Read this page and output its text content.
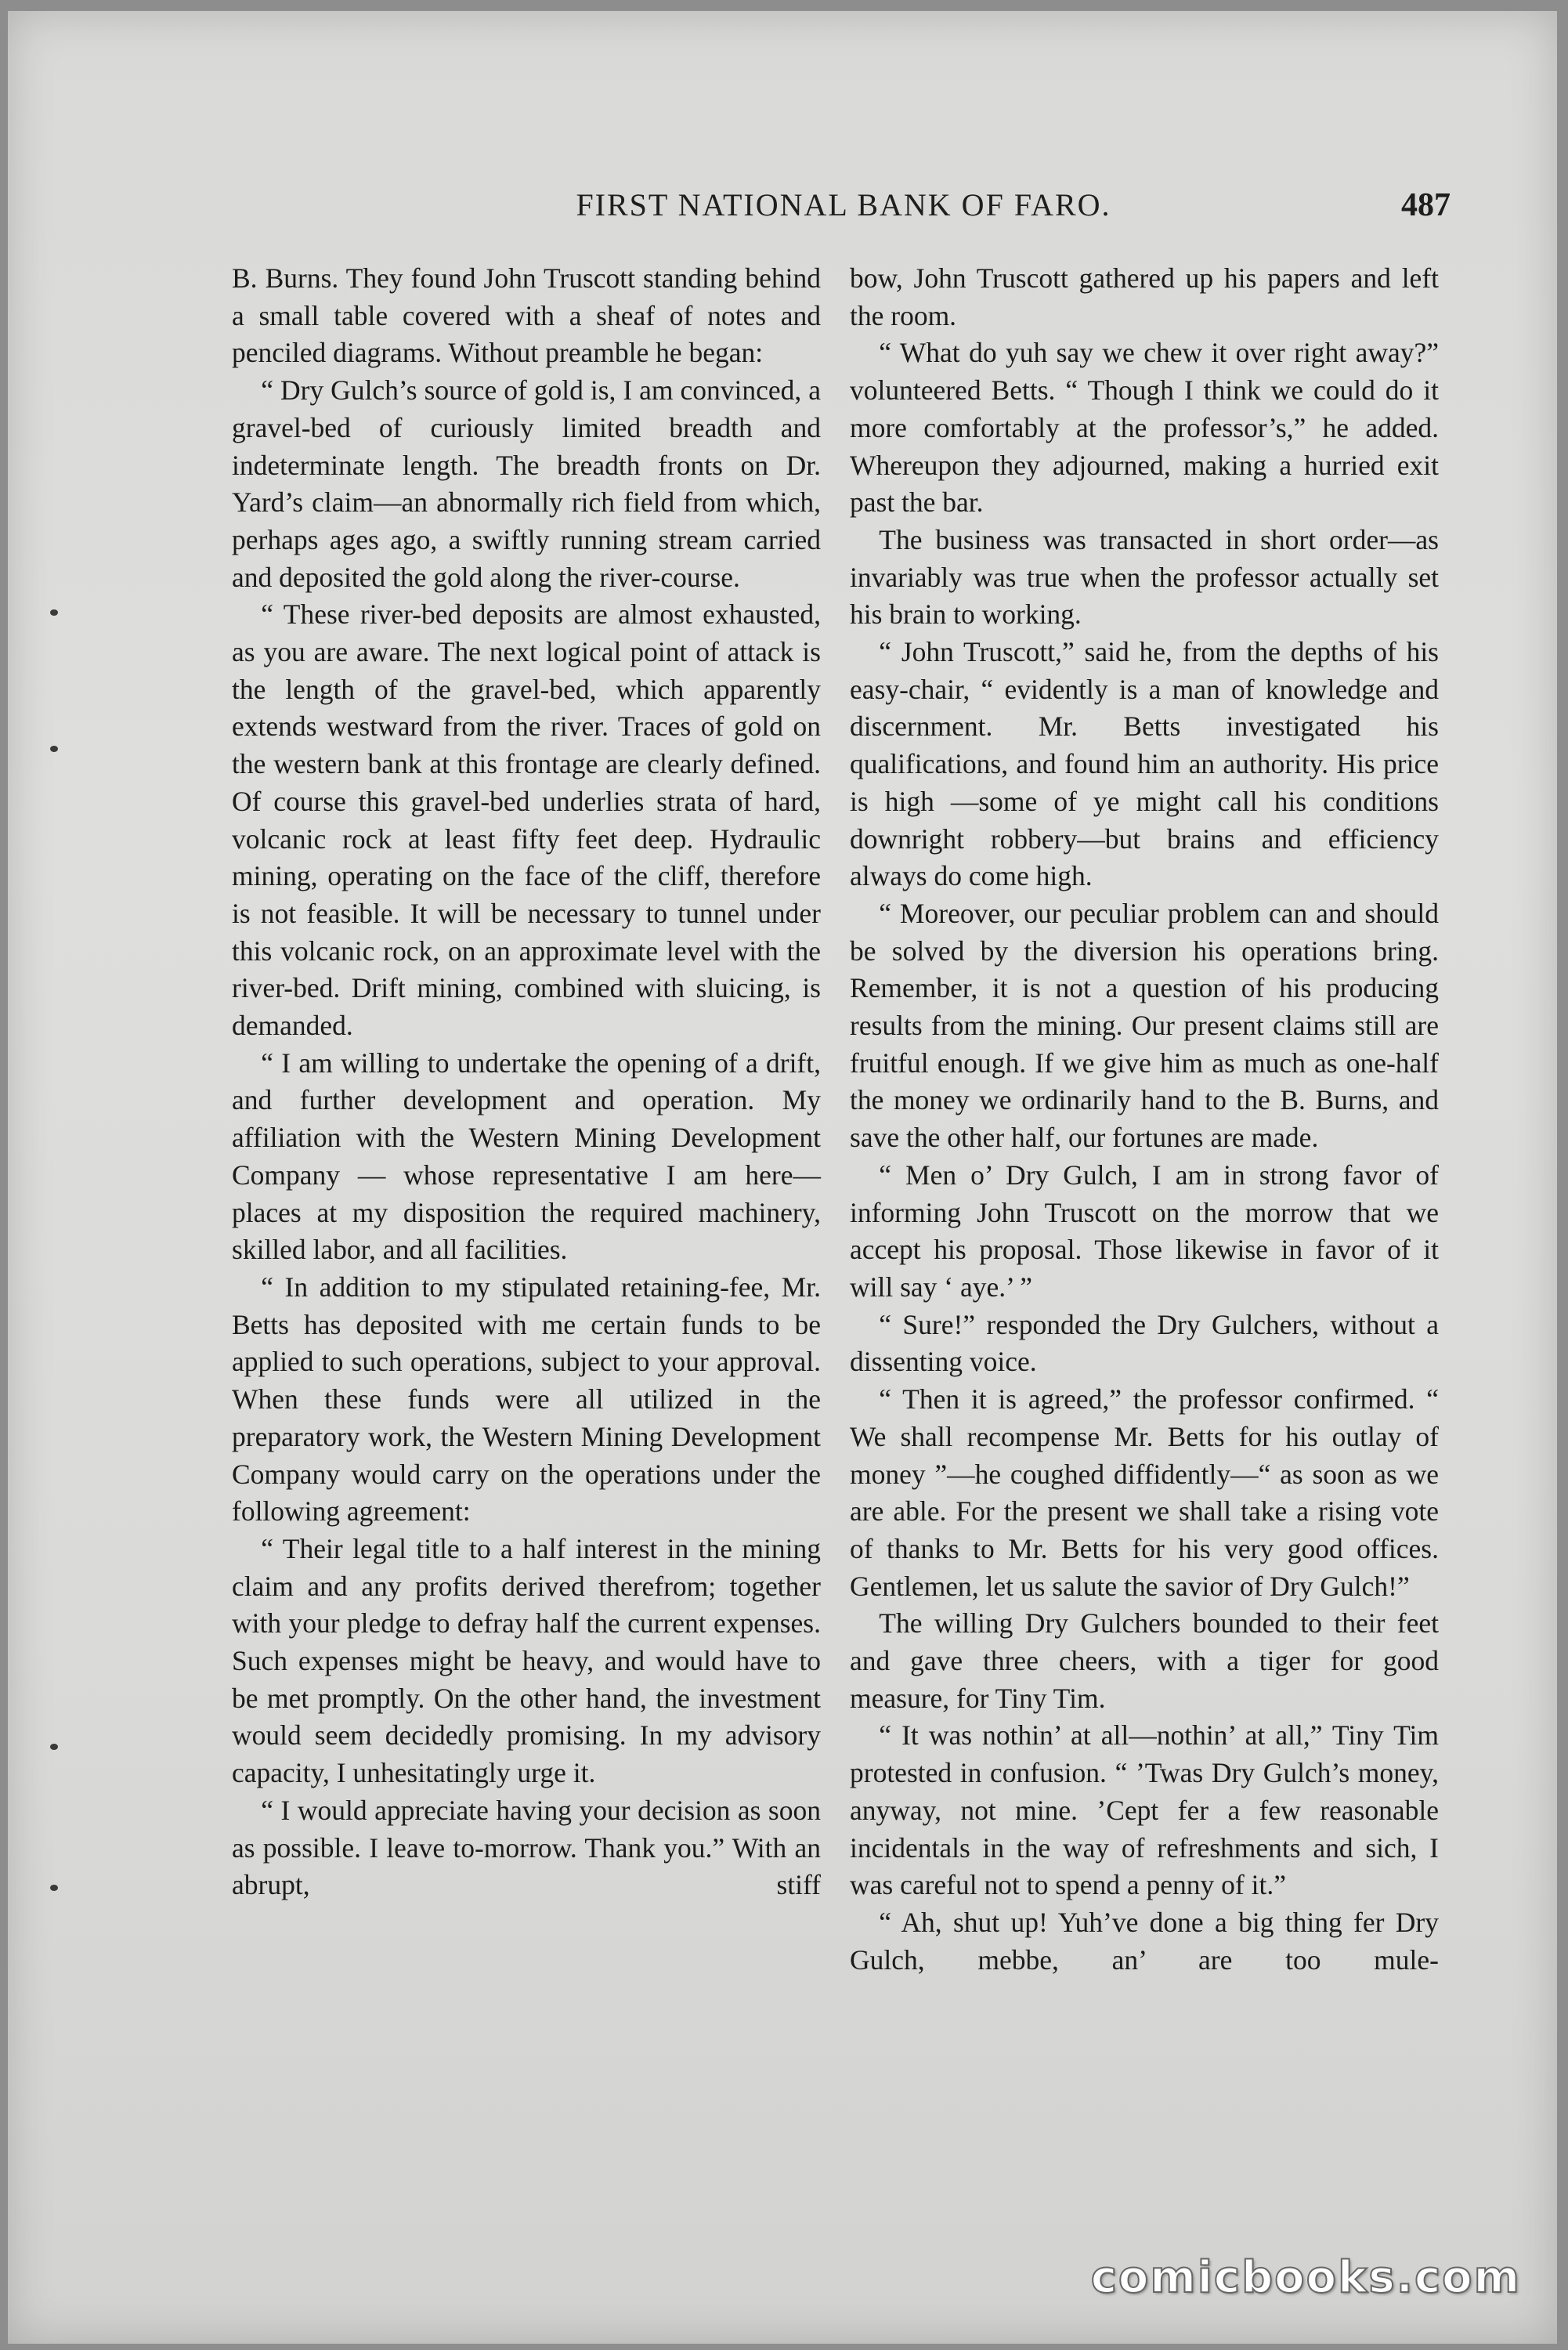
FIRST NATIONAL BANK OF FARO.	487

B. Burns. They found John Truscott standing behind a small table covered with a sheaf of notes and penciled diagrams. Without preamble he began:

“ Dry Gulch’s source of gold is, I am convinced, a gravel-bed of curiously limited breadth and indeterminate length. The breadth fronts on Dr. Yard’s claim—an abnormally rich field from which, perhaps ages ago, a swiftly running stream carried and deposited the gold along the river-course.

“ These river-bed deposits are almost exhausted, as you are aware. The next logical point of attack is the length of the gravel-bed, which apparently extends westward from the river. Traces of gold on the western bank at this frontage are clearly defined. Of course this gravel-bed underlies strata of hard, volcanic rock at least fifty feet deep. Hydraulic mining, operating on the face of the cliff, therefore is not feasible. It will be necessary to tunnel under this volcanic rock, on an approximate level with the river-bed. Drift mining, combined with sluicing, is demanded.

“ I am willing to undertake the opening of a drift, and further development and operation. My affiliation with the Western Mining Development Company — whose representative I am here—places at my disposition the required machinery, skilled labor, and all facilities.

“ In addition to my stipulated retaining-fee, Mr. Betts has deposited with me certain funds to be applied to such operations, subject to your approval. When these funds were all utilized in the preparatory work, the Western Mining Development Company would carry on the operations under the following agreement:

“ Their legal title to a half interest in the mining claim and any profits derived therefrom; together with your pledge to defray half the current expenses. Such expenses might be heavy, and would have to be met promptly. On the other hand, the investment would seem decidedly promising. In my advisory capacity, I unhesitatingly urge it.

“ I would appreciate having your decision as soon as possible. I leave to-morrow. Thank you.” With an abrupt, stiff

bow, John Truscott gathered up his papers and left the room.

“ What do yuh say we chew it over right away?” volunteered Betts. “ Though I think we could do it more comfortably at the professor’s,” he added. Whereupon they adjourned, making a hurried exit past the bar.

The business was transacted in short order—as invariably was true when the professor actually set his brain to working.

“ John Truscott,” said he, from the depths of his easy-chair, “ evidently is a man of knowledge and discernment. Mr. Betts investigated his qualifications, and found him an authority. His price is high —some of ye might call his conditions downright robbery—but brains and efficiency always do come high.

“ Moreover, our peculiar problem can and should be solved by the diversion his operations bring. Remember, it is not a question of his producing results from the mining. Our present claims still are fruitful enough. If we give him as much as one-half the money we ordinarily hand to the B. Burns, and save the other half, our fortunes are made.

“ Men o’ Dry Gulch, I am in strong favor of informing John Truscott on the morrow that we accept his proposal. Those likewise in favor of it will say ‘ aye.’ ”

“ Sure!” responded the Dry Gulchers, without a dissenting voice.

“ Then it is agreed,” the professor confirmed. “ We shall recompense Mr. Betts for his outlay of money ”—he coughed diffidently—“ as soon as we are able. For the present we shall take a rising vote of thanks to Mr. Betts for his very good offices. Gentlemen, let us salute the savior of Dry Gulch!”

The willing Dry Gulchers bounded to their feet and gave three cheers, with a tiger for good measure, for Tiny Tim.

“ It was nothin’ at all—nothin’ at all,” Tiny Tim protested in confusion. “ ’Twas Dry Gulch’s money, anyway, not mine. ’Cept fer a few reasonable incidentals in the way of refreshments and sich, I was careful not to spend a penny of it.”

“ Ah, shut up! Yuh’ve done a big thing fer Dry Gulch, mebbe, an’ are too mule-

comicbooks.com
